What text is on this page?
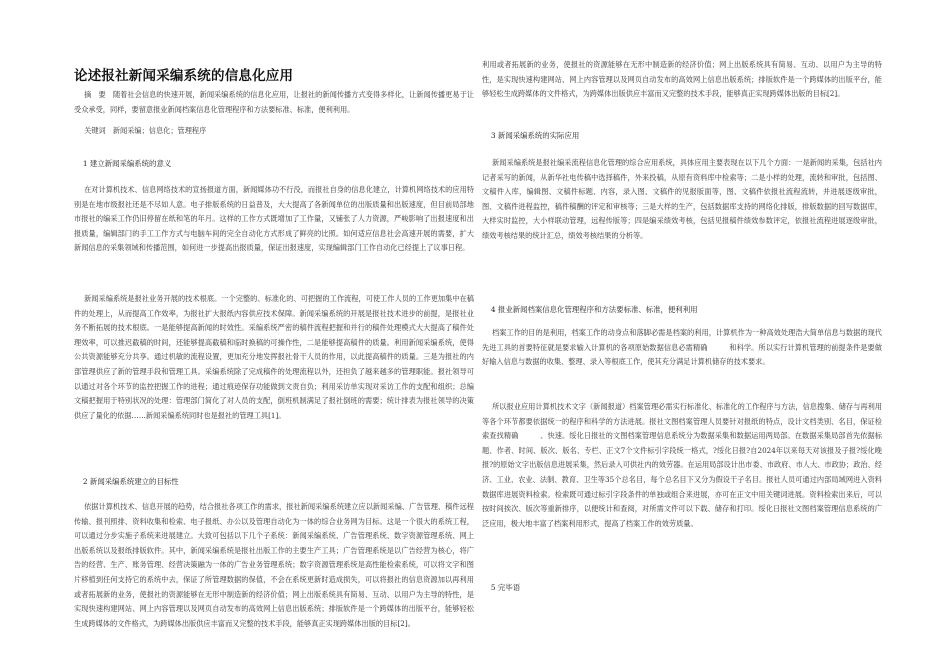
论述报社新闻采编系统的信息化应用

摘　要　随着社会信息的快速开展，新闻采编系统的信息化应用，让报社的新闻传播方式变得多样化，让新闻传播更易于让受众承受，同样，要留意报业新闻档案信息化管理程序和方法要标准、标准，便利利用。

关键词　新闻采编；信息化；管理程序

1 建立新闻采编系统的意义

在对计算机技术、信息网络技术的宣扬报道方面，新闻媒体功不行没，而报社自身的信息化建立，计算机网络技术的应用特别是在地市级报社还是不尽如人意。电子排版系统的日益普及，大大提高了各新闻单位的出版质量和出版速度，但目前局部地市报社的编采工作仍旧停留在纸和笔的年月。这样的工作方式既增加了工作量，又铺张了人力资源，严峻影响了出报速度和出报质量，编辑部门的手工工作方式与电脑车间的完全自动化方式形成了鲜亮的比照。如何适应信息社会高速开展的需要，扩大新闻信息的采集领域和传播范围，如何进一步提高出报质量，保证出报速度，实现编辑部门工作自动化已经提上了议事日程。

新闻采编系统是报社业务开展的技术根底。一个完整的、标准化的、可把握的工作流程，可使工作人员的工作更加集中在稿件的处理上，从而提高工作效率，为报社扩大报纸内容供应技术保障。新闻采编系统的开展是报社技术进步的前提，是报社业务不断拓展的技术根底。一是能够提高新闻的时效性。采编系统严密的稿件流程把握和并行的稿件处理模式大大提高了稿件处理效率，可以推迟截稿的时间，还能够提高截稿和临时换稿的可操作性，二是能够提高稿件的质量。利用新闻采编系统，使得公共资源能够充分共享。通过机敏的流程设置，更加充分地发挥报社骨干人员的作用，以此提高稿件的质量。三是为报社的内部管理供应了新的管理手段和管理工具。采编系统除了完成稿件的处理流程以外，还担负了越来越多的管理职能。报社领导可以通过对各个环节的监控把握工作的进程；通过痕迹保存功能做到文责自负；利用采访单实现对采访工作的支配和组织；总编文稿把握用于特别状况的处理：管理部门简化了对人员的支配，倒班机制满足了报社倒班的需要；统计排表为报社领导的决策供应了量化的依据……新闻采编系统同时也是报社的管理工具[1]。

2 新闻采编系统建立的目标性

依据计算机技术、信息开展的趋势，结合报社各项工作的需求，报社新闻采编系统建立应以新闻采编、广告管理、稿件远程传输、报刊照排、资料收集和检索、电子报纸、办公以及管理自动化为一体的综合业务网为目标。这是一个很大的系统工程，可以通过分步实施子系统来进展建立。大致可包括以下几个子系统：新闻采编系统、广告管理系统、数字资源管理系统、网上出版系统以及报纸排版软件。其中，新闻采编系统是报社出版工作的主要生产工具；广告管理系统是以广告经营为核心，将广告的经营、生产、账务管理、经营决策融为一体的广告业务管理系统；数字资源管理系统是高性能检索系统，可以将文字和图片移植到任何支持它的系统中去，保证了所管理数据的保值，不会在系统更新时造成损失，可以将报社的信息资源加以再利用或者拓展新的业务，使报社的资源能够在无形中制造新的经济价值；网上出版系统具有简易、互动、以用户为主导的特性，是实现快速构建网站、网上内容管理以及网页自动发布的高效网上信息出版系统；排版软件是一个跨媒体的出版平台，能够轻松生成跨媒体的文件格式，为跨媒体出版供应丰富而又完整的技术手段，能够真正实现跨媒体出版的目标[2]。

利用或者拓展新的业务，使报社的资源能够在无形中制造新的经济价值；网上出版系统具有简易、互动、以用户为主导的特性，是实现快速构建网站、网上内容管理以及网页自动发布的高效网上信息出版系统；排版软件是一个跨媒体的出版平台，能够轻松生成跨媒体的文件格式，为跨媒体出版供应丰富而又完整的技术手段，能够真正实现跨媒体出版的目标[2]。

3 新闻采编系统的实际应用

新闻采编系统是报社编采流程信息化管理的综合应用系统，具体应用主要表现在以下几个方面：一是新闻的采集，包括社内记者采写的新闻，从新华社电传稿中选择稿件，外来投稿，从原有资料库中检索等；二是小样的处理，流转和审批，包括图、文稿件入库，编辑图、文稿件标题、内容，录入图、文稿件的见报版面等，图、文稿件依报社流程流转，并进展逐级审批，图、文稿件进程监控，稿件稿酬的评定和审核等；三是大样的生产，包括数据库支持的网络化排版，排版数据的回写数据库，大样实时监控，大小样联动管理，远程传版等；四是编采绩效考核，包括见报稿件绩效参数评定，依报社流程进展逐级审批，绩效考核结果的统计汇总，绩效考核结果的分析等。

4 报业新闻档案信息化管理程序和方法要标准、标准，便利利用

档案工作的目的是利用，档案工作的动身点和落脚必需是档案的利用，计算机作为一种高效处理浩大简单信息与数据的现代先进工具的首要特征就是要求输入计算机的各项原始数据信息必需精确　　　和科学。所以实行计算机管理的前提条件是要做好输入信息与数据的收集、整理、录入等根底工作，使其充分满足计算机储存的技术要求。

所以报业应用计算机技术文字（新闻报道）档案管理必需实行标准化、标准化的工作程序与方法，信息搜集、储存与再利用等各个环节都要依据统一的程序和科学的方法进展。报社文图档案管理人员要针对报纸的特点，设计文档类别、名目，保证检索查找精确　　　、快速。绥化日报社的文图档案管理信息系统分为数据采集和数据运用两局部。在数据采集局部首先依据标题、作者、时间、版次、版名、专栏、正文7个文件标引字段统一格式，?绥化日报?自2024年以来每天对该报及子报?绥化晚报?的原始文字出版信息进展采集，然后录入可供社内的效劳器。在运用局部设计出市委、市政府、市人大、市政协；政治、经济、工业、农业、法制、教育、卫生等35个总名目，每个总名目下又分为假设干子名目。报社人员可通过内部局域网进入资料数据库进展资料检索。检索既可通过标引字段条件的单独或组合来进展，亦可在正文中用关键词进展。资料检索出来后，可以按时间挨次、版次等重新排序，以便统计和查阅，对所需文件可以下载、储存和打印。绥化日报社文图档案管理信息系统的广泛应用，极大地丰富了档案利用形式，提高了档案工作的效劳质量。

5 完毕语
